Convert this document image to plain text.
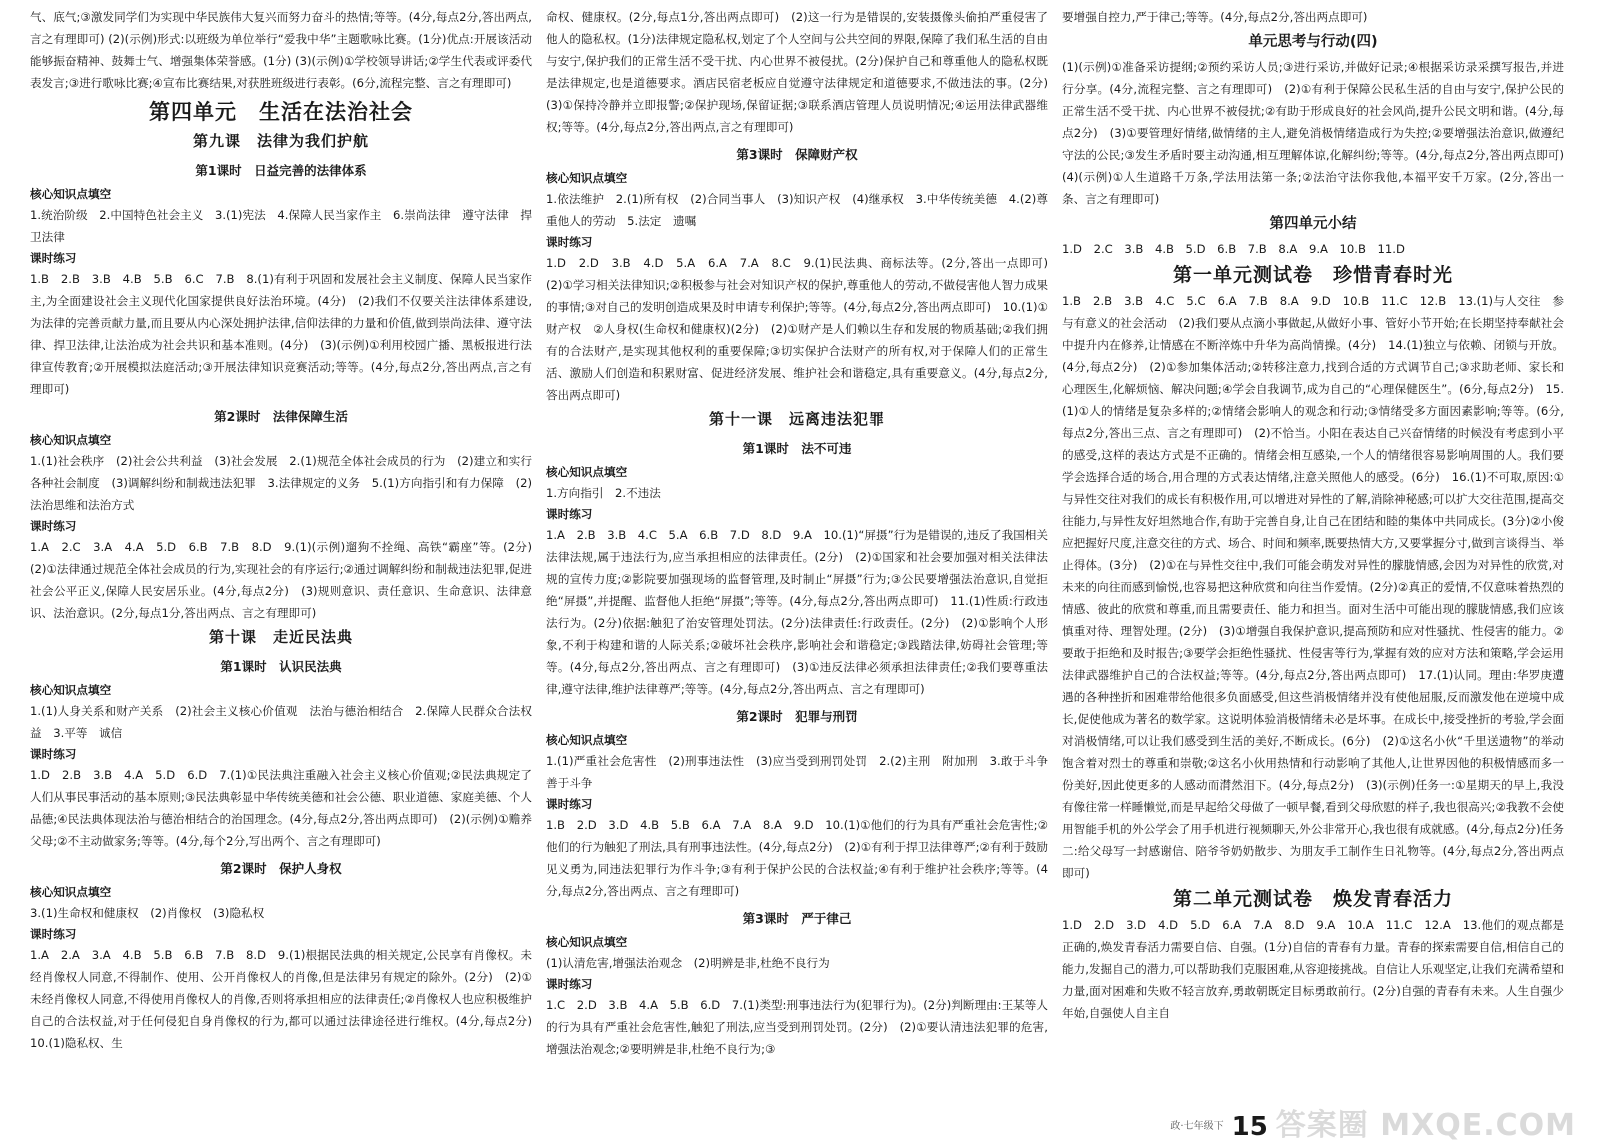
气、底气;③激发同学们为实现中华民族伟大复兴而努力奋斗的热情;等等。(4分,每点2分,答出两点,言之有理即可) (2)(示例)形式:以班级为单位举行“爱我中华”主题歌咏比赛。(1分)优点:开展该活动能够振奋精神、鼓舞士气、增强集体荣誉感。(1分) (3)(示例)①学校领导讲话;②学生代表或评委代表发言;③进行歌咏比赛;④宣布比赛结果,对获胜班级进行表彰。(6分,流程完整、言之有理即可)

第四单元　生活在法治社会
第九课　法律为我们护航
第1课时　日益完善的法律体系
核心知识点填空

1.统治阶级　2.中国特色社会主义　3.(1)宪法　4.保障人民当家作主　6.崇尚法律　遵守法律　捍卫法律

课时练习

1.B　2.B　3.B　4.B　5.B　6.C　7.B　8.(1)有利于巩固和发展社会主义制度、保障人民当家作主,为全面建设社会主义现代化国家提供良好法治环境。(4分)　(2)我们不仅要关注法律体系建设,为法律的完善贡献力量,而且要从内心深处拥护法律,信仰法律的力量和价值,做到崇尚法律、遵守法律、捍卫法律,让法治成为社会共识和基本准则。(4分)　(3)(示例)①利用校园广播、黑板报进行法律宣传教育;②开展模拟法庭活动;③开展法律知识竞赛活动;等等。(4分,每点2分,答出两点,言之有理即可)

第2课时　法律保障生活
核心知识点填空

1.(1)社会秩序　(2)社会公共利益　(3)社会发展　2.(1)规范全体社会成员的行为　(2)建立和实行各种社会制度　(3)调解纠纷和制裁违法犯罪　3.法律规定的义务　5.(1)方向指引和有力保障　(2)法治思维和法治方式

课时练习

1.A　2.C　3.A　4.A　5.D　6.B　7.B　8.D　9.(1)(示例)遛狗不拴绳、高铁“霸座”等。(2分)　(2)①法律通过规范全体社会成员的行为,实现社会的有序运行;②通过调解纠纷和制裁违法犯罪,促进社会公平正义,保障人民安居乐业。(4分,每点2分)　(3)规则意识、责任意识、生命意识、法律意识、法治意识。(2分,每点1分,答出两点、言之有理即可)

第十课　走近民法典
第1课时　认识民法典
核心知识点填空

1.(1)人身关系和财产关系　(2)社会主义核心价值观　法治与德治相结合　2.保障人民群众合法权益　3.平等　诚信

课时练习

1.D　2.B　3.B　4.A　5.D　6.D　7.(1)①民法典注重融入社会主义核心价值观;②民法典规定了人们从事民事活动的基本原则;③民法典彰显中华传统美德和社会公德、职业道德、家庭美德、个人品德;④民法典体现法治与德治相结合的治国理念。(4分,每点2分,答出两点即可)　(2)(示例)①赡养父母;②不主动做家务;等等。(4分,每个2分,写出两个、言之有理即可)

第2课时　保护人身权
核心知识点填空

3.(1)生命权和健康权　(2)肖像权　(3)隐私权

课时练习

1.A　2.A　3.A　4.B　5.B　6.B　7.B　8.D　9.(1)根据民法典的相关规定,公民享有肖像权。未经肖像权人同意,不得制作、使用、公开肖像权人的肖像,但是法律另有规定的除外。(2分)　(2)①未经肖像权人同意,不得使用肖像权人的肖像,否则将承担相应的法律责任;②肖像权人也应积极维护自己的合法权益,对于任何侵犯自身肖像权的行为,都可以通过法律途径进行维权。(4分,每点2分)　10.(1)隐私权、生

命权、健康权。(2分,每点1分,答出两点即可)　(2)这一行为是错误的,安装摄像头偷拍严重侵害了他人的隐私权。(1分)法律规定隐私权,划定了个人空间与公共空间的界限,保障了我们私生活的自由与安宁,保护我们的正常生活不受干扰、内心世界不被侵扰。(2分)保护自己和尊重他人的隐私权既是法律规定,也是道德要求。酒店民宿老板应自觉遵守法律规定和道德要求,不做违法的事。(2分)　(3)①保持冷静并立即报警;②保护现场,保留证据;③联系酒店管理人员说明情况;④运用法律武器维权;等等。(4分,每点2分,答出两点,言之有理即可)

第3课时　保障财产权
核心知识点填空

1.依法维护　2.(1)所有权　(2)合同当事人　(3)知识产权　(4)继承权　3.中华传统美德　4.(2)尊重他人的劳动　5.法定　遗嘱

课时练习

1.D　2.D　3.B　4.D　5.A　6.A　7.A　8.C　9.(1)民法典、商标法等。(2分,答出一点即可)　(2)①学习相关法律知识;②积极参与社会对知识产权的保护,尊重他人的劳动,不做侵害他人智力成果的事情;③对自己的发明创造成果及时申请专利保护;等等。(4分,每点2分,答出两点即可)　10.(1)①财产权　②人身权(生命权和健康权)(2分)　(2)①财产是人们赖以生存和发展的物质基础;②我们拥有的合法财产,是实现其他权利的重要保障;③切实保护合法财产的所有权,对于保障人们的正常生活、激励人们创造和积累财富、促进经济发展、维护社会和谐稳定,具有重要意义。(4分,每点2分,答出两点即可)

第十一课　远离违法犯罪
第1课时　法不可违
核心知识点填空

1.方向指引　2.不违法

课时练习

1.A　2.B　3.B　4.C　5.A　6.B　7.D　8.D　9.A　10.(1)“屏摄”行为是错误的,违反了我国相关法律法规,属于违法行为,应当承担相应的法律责任。(2分)　(2)①国家和社会要加强对相关法律法规的宣传力度;②影院要加强现场的监督管理,及时制止“屏摄”行为;③公民要增强法治意识,自觉拒绝“屏摄”,并提醒、监督他人拒绝“屏摄”;等等。(4分,每点2分,答出两点即可)　11.(1)性质:行政违法行为。(2分)依据:触犯了治安管理处罚法。(2分)法律责任:行政责任。(2分)　(2)①影响个人形象,不利于构建和谐的人际关系;②破坏社会秩序,影响社会和谐稳定;③践踏法律,妨碍社会管理;等等。(4分,每点2分,答出两点、言之有理即可)　(3)①违反法律必须承担法律责任;②我们要尊重法律,遵守法律,维护法律尊严;等等。(4分,每点2分,答出两点、言之有理即可)

第2课时　犯罪与刑罚
核心知识点填空

1.(1)严重社会危害性　(2)刑事违法性　(3)应当受到刑罚处罚　2.(2)主刑　附加刑　3.敢于斗争　善于斗争

课时练习

1.B　2.D　3.D　4.B　5.B　6.A　7.A　8.A　9.D　10.(1)①他们的行为具有严重社会危害性;②他们的行为触犯了刑法,具有刑事违法性。(4分,每点2分)　(2)①有利于捍卫法律尊严;②有利于鼓励见义勇为,同违法犯罪行为作斗争;③有利于保护公民的合法权益;④有利于维护社会秩序;等等。(4分,每点2分,答出两点、言之有理即可)

第3课时　严于律己
核心知识点填空

(1)认清危害,增强法治观念　(2)明辨是非,杜绝不良行为

课时练习

1.C　2.D　3.B　4.A　5.B　6.D　7.(1)类型:刑事违法行为(犯罪行为)。(2分)判断理由:王某等人的行为具有严重社会危害性,触犯了刑法,应当受到刑罚处罚。(2分)　(2)①要认清违法犯罪的危害,增强法治观念;②要明辨是非,杜绝不良行为;③

要增强自控力,严于律己;等等。(4分,每点2分,答出两点即可)

单元思考与行动(四)

(1)(示例)①准备采访提纲;②预约采访人员;③进行采访,并做好记录;④根据采访录采撰写报告,并进行分享。(4分,流程完整、言之有理即可)　(2)①有利于保障公民私生活的自由与安宁,保护公民的正常生活不受干扰、内心世界不被侵扰;②有助于形成良好的社会风尚,提升公民文明和谐。(4分,每点2分)　(3)①要管理好情绪,做情绪的主人,避免消极情绪造成行为失控;②要增强法治意识,做遵纪守法的公民;③发生矛盾时要主动沟通,相互理解体谅,化解纠纷;等等。(4分,每点2分,答出两点即可)　(4)(示例)①人生道路千万条,学法用法第一条;②法治守法你我他,本福平安千万家。(2分,答出一条、言之有理即可)

第四单元小结

1.D　2.C　3.B　4.B　5.D　6.B　7.B　8.A　9.A　10.B　11.D

第一单元测试卷　珍惜青春时光

1.B　2.B　3.B　4.C　5.C　6.A　7.B　8.A　9.D　10.B　11.C　12.B　13.(1)与人交往　参与有意义的社会活动　(2)我们要从点滴小事做起,从做好小事、管好小节开始;在长期坚持奉献社会中提升内在修养,让情感在不断淬炼中升华为高尚情操。(4分)　14.(1)独立与依赖、闭锁与开放。(4分,每点2分)　(2)①参加集体活动;②转移注意力,找到合适的方式调节自己;③求助老师、家长和心理医生,化解烦恼、解决问题;④学会自我调节,成为自己的“心理保健医生”。(6分,每点2分)　15.(1)①人的情绪是复杂多样的;②情绪会影响人的观念和行动;③情绪受多方面因素影响;等等。(6分,每点2分,答出三点、言之有理即可)　(2)不恰当。小阳在表达自己兴奋情绪的时候没有考虑到小平的感受,这样的表达方式是不正确的。情绪会相互感染,一个人的情绪很容易影响周围的人。我们要学会选择合适的场合,用合理的方式表达情绪,注意关照他人的感受。(6分)　16.(1)不可取,原因:①与异性交往对我们的成长有积极作用,可以增进对异性的了解,消除神秘感;可以扩大交往范围,提高交往能力,与异性友好坦然地合作,有助于完善自身,让自己在团结和睦的集体中共同成长。(3分)②小俊应把握好尺度,注意交往的方式、场合、时间和频率,既要热情大方,又要掌握分寸,做到言谈得当、举止得体。(3分)　(2)①在与异性交往中,我们可能会萌发对异性的朦胧情感,会因为对异性的欣赏,对未来的向往而感到愉悦,也容易把这种欣赏和向往当作爱情。(2分)②真正的爱情,不仅意味着热烈的情感、彼此的欣赏和尊重,而且需要责任、能力和担当。面对生活中可能出现的朦胧情感,我们应该慎重对待、理智处理。(2分)　(3)①增强自我保护意识,提高预防和应对性骚扰、性侵害的能力。②要敢于拒绝和及时报告;③要学会拒绝性骚扰、性侵害等行为,掌握有效的应对方法和策略,学会运用法律武器维护自己的合法权益;等等。(4分,每点2分,答出两点即可)　17.(1)认同。理由:华罗庚遭遇的各种挫折和困难带给他很多负面感受,但这些消极情绪并没有使他屈服,反而激发他在逆境中成长,促使他成为著名的数学家。这说明体验消极情绪未必是坏事。在成长中,接受挫折的考验,学会面对消极情绪,可以让我们感受到生活的美好,不断成长。(6分)　(2)①这名小伙“千里送遗物”的举动饱含着对烈士的尊重和崇敬;②这名小伙用热情和行动影响了其他人,让世界因他的积极情感而多一份美好,因此使更多的人感动而潸然泪下。(4分,每点2分)　(3)(示例)任务一:①星期天的早上,我没有像往常一样睡懒觉,而是早起给父母做了一顿早餐,看到父母欣慰的样子,我也很高兴;②我教不会使用智能手机的外公学会了用手机进行视频聊天,外公非常开心,我也很有成就感。(4分,每点2分)任务二:给父母写一封感谢信、陪爷爷奶奶散步、为朋友手工制作生日礼物等。(4分,每点2分,答出两点即可)

第二单元测试卷　焕发青春活力

1.D　2.D　3.D　4.D　5.D　6.A　7.A　8.D　9.A　10.A　11.C　12.A　13.他们的观点都是正确的,焕发青春活力需要自信、自强。(1分)自信的青春有力量。青春的探索需要自信,相信自己的能力,发掘自己的潜力,可以帮助我们克服困难,从容迎接挑战。自信让人乐观坚定,让我们充满希望和力量,面对困难和失败不轻言放弃,勇敢朝既定目标勇敢前行。(2分)自强的青春有未来。人生自强少年始,自强使人自主自

政·七年级下 15 答案圈 MXQE.COM
